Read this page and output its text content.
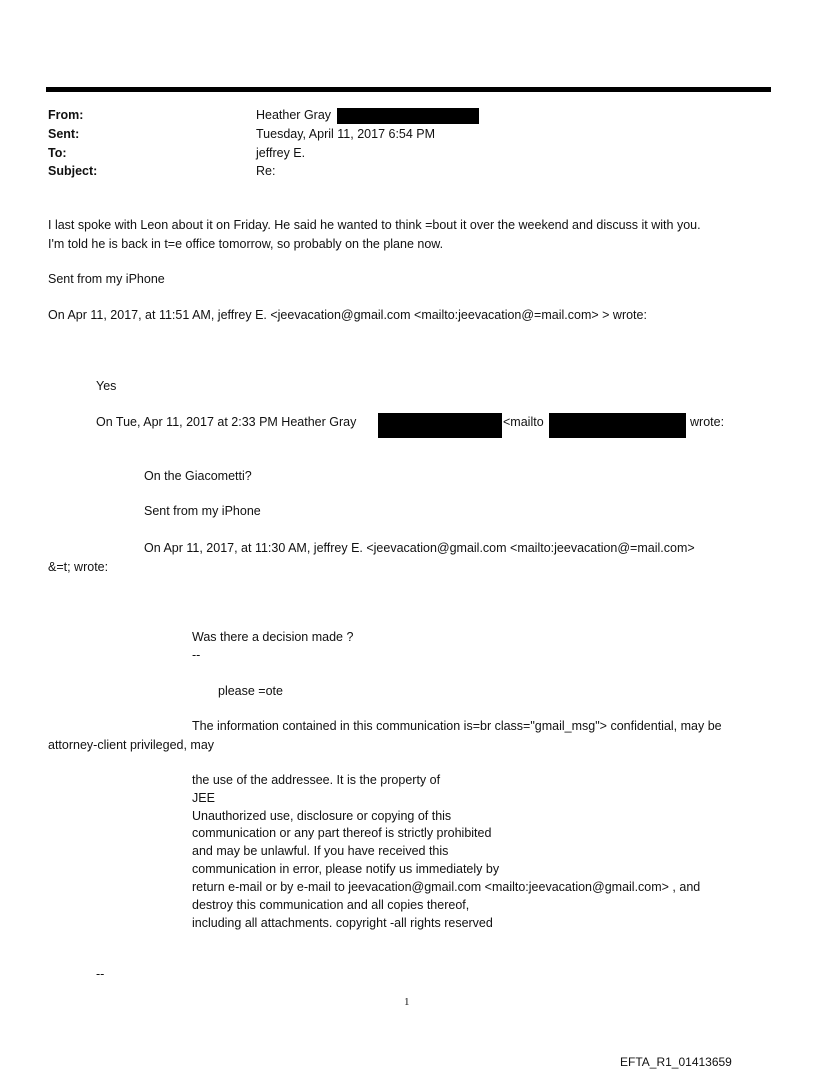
From:	Heather Gray
Sent:	Tuesday, April 11, 2017 6:54 PM
To:	jeffrey E.
Subject:	Re:
I last spoke with Leon about it on Friday. He said he wanted to think =bout it over the weekend and discuss it with you.
I'm told he is back in t=e office tomorrow, so probably on the plane now.
Sent from my iPhone
On Apr 11, 2017, at 11:51 AM, jeffrey E. <jeevacation@gmail.com <mailto:jeevacation@=mail.com> > wrote:
Yes
On Tue, Apr 11, 2017 at 2:33 PM Heather Gray	<mailto	wrote:
On the Giacometti?
Sent from my iPhone
On Apr 11, 2017, at 11:30 AM, jeffrey E. <jeevacation@gmail.com <mailto:jeevacation@=mail.com>
&=t; wrote:
Was there a decision made ?
--
please =ote
The information contained in this communication is=br class="gmail_msg"> confidential, may be
attorney-client privileged, may
the use of the addressee. It is the property of
JEE
Unauthorized use, disclosure or copying of this
communication or any part thereof is strictly prohibited
and may be unlawful. If you have received this
communication in error, please notify us immediately by
return e-mail or by e-mail to jeevacation@gmail.com <mailto:jeevacation@gmail.com> , and
destroy this communication and all copies thereof,
including all attachments. copyright -all rights reserved
--
1
EFTA_R1_01413659
